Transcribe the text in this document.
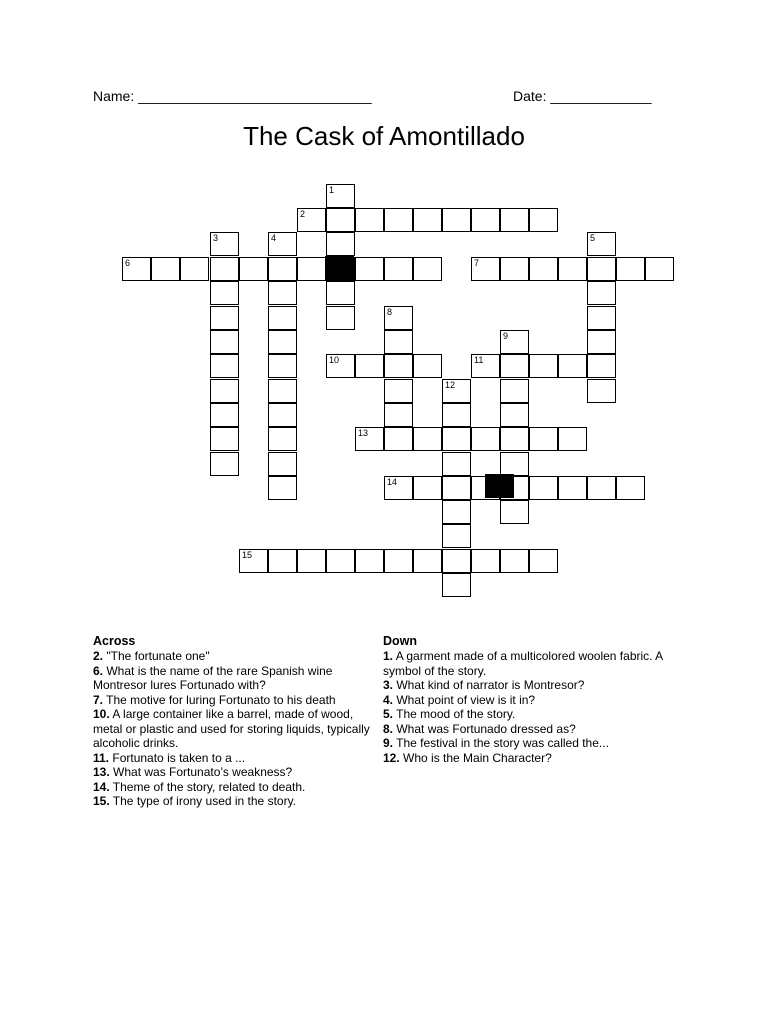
Name: ______________________________	Date: _____________
The Cask of Amontillado
1
2
3	4	5
6	7
8
9
10	11
12
13
14
15
Across

2. "The fortunate one"

6. What is the name of the rare Spanish wine Montresor lures Fortunado with?

7. The motive for luring Fortunato to his death

10. A large container like a barrel, made of wood, metal or plastic and used for storing liquids, typically alcoholic drinks.

11. Fortunato is taken to a ...

13. What was Fortunato’s weakness?

14. Theme of the story, related to death.

15. The type of irony used in the story.

Down

1. A garment made of a multicolored woolen fabric. A symbol of the story.

3. What kind of narrator is Montresor?

4. What point of view is it in?

5. The mood of the story.

8. What was Fortunado dressed as?

9. The festival in the story was called the...

12. Who is the Main Character?
